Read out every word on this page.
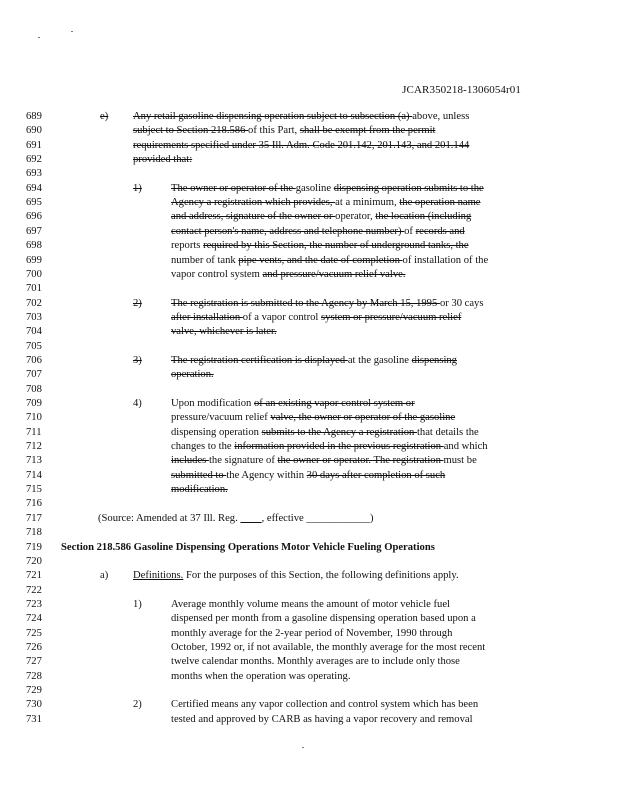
JCAR350218-1306054r01
689	e) Any retail gasoline dispensing operation subject to subsection (a) above, unless
690	subject to Section 218.586 of this Part, shall be exempt from the permit
691	requirements specified under 35 Ill. Adm. Code 201.142, 201.143, and 201.144
692	provided that:
693
694	1)	The owner or operator of the gasoline dispensing operation submits to the
695	Agency a registration which provides, at a minimum, the operation name
696	and address, signature of the owner or operator, the location (including
697	contact person's name, address and telephone number) of records and
698	reports required by this Section, the number of underground tanks, the
699	number of tank pipe vents, and the date of completion of installation of the
700	vapor control system and pressure/vacuum relief valve.
701
702	2)	The registration is submitted to the Agency by March 15, 1995 or 30 cays
703	after installation of a vapor control system or pressure/vacuum relief
704	valve, whichever is later.
705
706	3)	The registration certification is displayed at the gasoline dispensing
707	operation.
708
709	4)	Upon modification of an existing vapor control system or
710	pressure/vacuum relief valve, the owner or operator of the gasoline
711	dispensing operation submits to the Agency a registration that details the
712	changes to the information provided in the previous registration and which
713	includes the signature of the owner or operator. The registration must be
714	submitted to the Agency within 30 days after completion of such
715	modification.
716
717	(Source: Amended at 37 Ill. Reg.         , effective ____________)
718
719	Section 218.586 Gasoline Dispensing Operations Motor Vehicle Fueling Operations
720
721	a) Definitions. For the purposes of this Section, the following definitions apply.
722
723	1)	Average monthly volume means the amount of motor vehicle fuel
724	dispensed per month from a gasoline dispensing operation based upon a
725	monthly average for the 2-year period of November, 1990 through
726	October, 1992 or, if not available, the monthly average for the most recent
727	twelve calendar months. Monthly averages are to include only those
728	months when the operation was operating.
729
730	2)	Certified means any vapor collection and control system which has been
731	tested and approved by CARB as having a vapor recovery and removal
